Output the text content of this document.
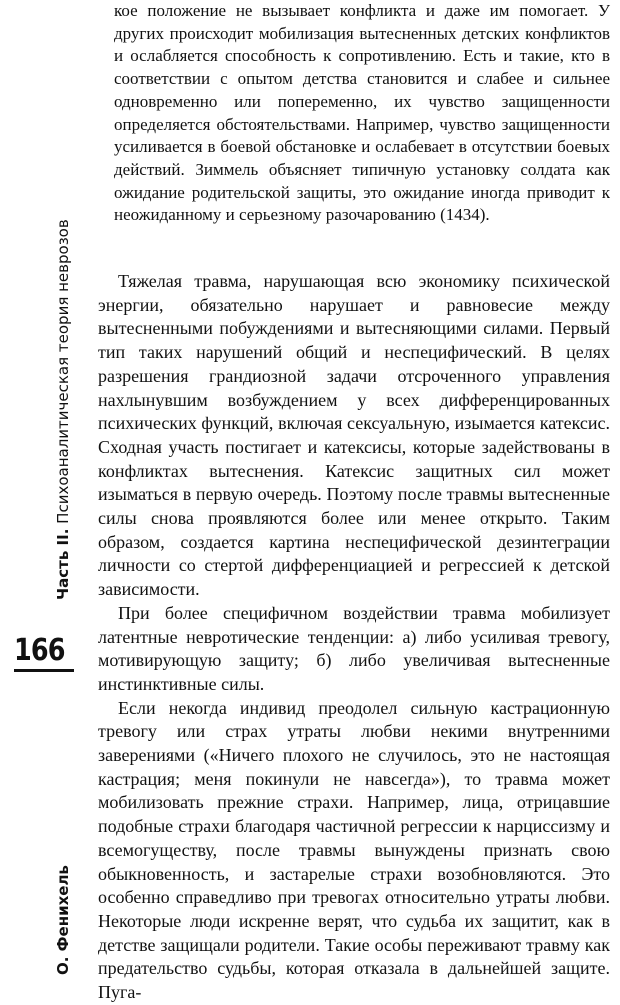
О. Фенихель
Часть II. Психоаналитическая теория неврозов
166

кое положение не вызывает конфликта и даже им помогает. У других происходит мобилизация вытесненных детских конфликтов и ослабляется способность к сопротивлению. Есть и такие, кто в соответствии с опытом детства становится и слабее и сильнее одновременно или попеременно, их чувство защищенности определяется обстоятельствами. Например, чувство защищенности усиливается в боевой обстановке и ослабевает в отсутствии боевых действий. Зиммель объясняет типичную установку солдата как ожидание родительской защиты, это ожидание иногда приводит к неожиданному и серьезному разочарованию (1434).

Тяжелая травма, нарушающая всю экономику психической энергии, обязательно нарушает и равновесие между вытесненными побуждениями и вытесняющими силами. Первый тип таких нарушений общий и неспецифический. В целях разрешения грандиозной задачи отсроченного управления нахлынувшим возбуждением у всех дифференцированных психических функций, включая сексуальную, изымается катексис. Сходная участь постигает и катексисы, которые задействованы в конфликтах вытеснения. Катексис защитных сил может изыматься в первую очередь. Поэтому после травмы вытесненные силы снова проявляются более или менее открыто. Таким образом, создается картина неспецифической дезинтеграции личности со стертой дифференциацией и регрессией к детской зависимости.

При более специфичном воздействии травма мобилизует латентные невротические тенденции: а) либо усиливая тревогу, мотивирующую защиту; б) либо увеличивая вытесненные инстинктивные силы.

Если некогда индивид преодолел сильную кастрационную тревогу или страх утраты любви некими внутренними заверениями («Ничего плохого не случилось, это не настоящая кастрация; меня покинули не навсегда»), то травма может мобилизовать прежние страхи. Например, лица, отрицавшие подобные страхи благодаря частичной регрессии к нарциссизму и всемогуществу, после травмы вынуждены признать свою обыкновенность, и застарелые страхи возобновляются. Это особенно справедливо при тревогах относительно утраты любви. Некоторые люди искренне верят, что судьба их защитит, как в детстве защищали родители. Такие особы переживают травму как предательство судьбы, которая отказала в дальнейшей защите. Пуга-
